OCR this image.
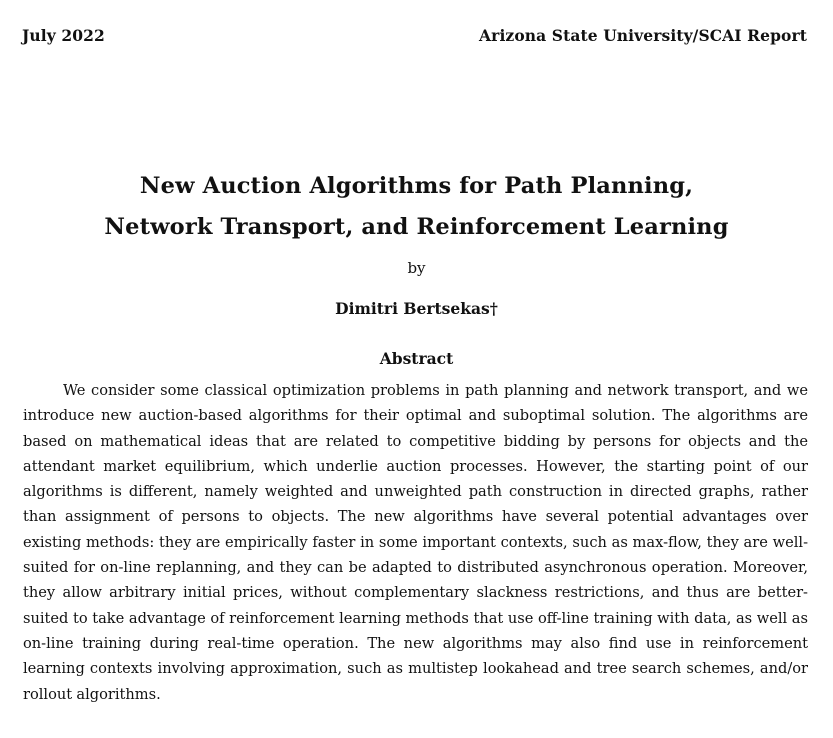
July 2022	Arizona State University/SCAI Report
New Auction Algorithms for Path Planning,
Network Transport, and Reinforcement Learning
by
Dimitri Bertsekas†
Abstract

We consider some classical optimization problems in path planning and network transport, and we introduce new auction-based algorithms for their optimal and suboptimal solution. The algorithms are based on mathematical ideas that are related to competitive bidding by persons for objects and the attendant market equilibrium, which underlie auction processes. However, the starting point of our algorithms is different, namely weighted and unweighted path construction in directed graphs, rather than assignment of persons to objects. The new algorithms have several potential advantages over existing methods: they are empirically faster in some important contexts, such as max-flow, they are well-suited for on-line replanning, and they can be adapted to distributed asynchronous operation. Moreover, they allow arbitrary initial prices, without complementary slackness restrictions, and thus are better-suited to take advantage of reinforcement learning methods that use off-line training with data, as well as on-line training during real-time operation. The new algorithms may also find use in reinforcement learning contexts involving approximation, such as multistep lookahead and tree search schemes, and/or rollout algorithms.
